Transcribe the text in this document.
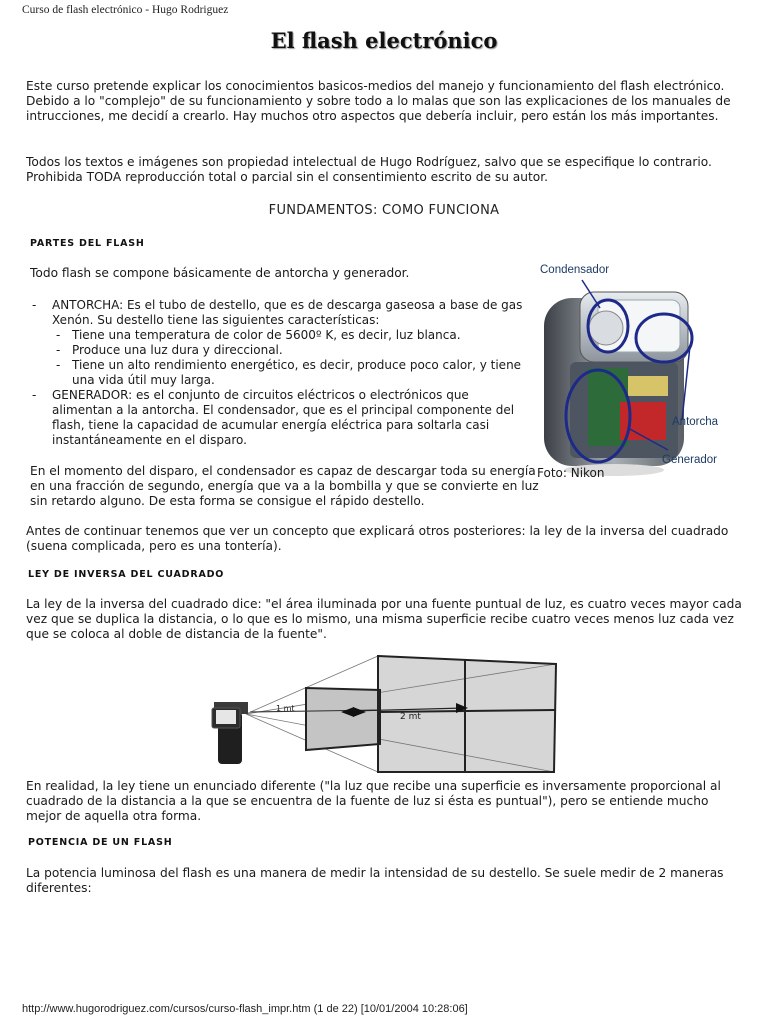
Curso de flash electrónico - Hugo Rodriguez
El flash electrónico

Este curso pretende explicar los conocimientos basicos-medios del manejo y funcionamiento del flash electrónico. Debido a lo "complejo" de su funcionamiento y sobre todo a lo malas que son las explicaciones de los manuales de intrucciones, me decidí a crearlo. Hay muchos otro aspectos que debería incluir, pero están los más importantes.

Todos los textos e imágenes son propiedad intelectual de Hugo Rodríguez, salvo que se especifique lo contrario. Prohibida TODA reproducción total o parcial sin el consentimiento escrito de su autor.

FUNDAMENTOS: COMO FUNCIONA
PARTES DEL FLASH

Todo flash se compone básicamente de antorcha y generador.

- ANTORCHA: Es el tubo de destello, que es de descarga gaseosa a base de gas Xenón. Su destello tiene las siguientes características:
- Tiene una temperatura de color de 5600º K, es decir, luz blanca.
- Produce una luz dura y direccional.
- Tiene un alto rendimiento energético, es decir, produce poco calor, y tiene una vida útil muy larga.
- GENERADOR: es el conjunto de circuitos eléctricos o electrónicos que alimentan a la antorcha. El condensador, que es el principal componente del flash, tiene la capacidad de acumular energía eléctrica para soltarla casi instantáneamente en el disparo.

En el momento del disparo, el condensador es capaz de descargar toda su energía en una fracción de segundo, energía que va a la bombilla y que se convierte en luz sin retardo alguno. De esta forma se consigue el rápido destello.

Condensador
Antorcha
Generador
Foto: Nikon

Antes de continuar tenemos que ver un concepto que explicará otros posteriores: la ley de la inversa del cuadrado (suena complicada, pero es una tontería).

LEY DE INVERSA DEL CUADRADO

La ley de la inversa del cuadrado dice: "el área iluminada por una fuente puntual de luz, es cuatro veces mayor cada vez que se duplica la distancia, o lo que es lo mismo, una misma superficie recibe cuatro veces menos luz cada vez que se coloca al doble de distancia de la fuente".

1 mt
2 mt

En realidad, la ley tiene un enunciado diferente ("la luz que recibe una superficie es inversamente proporcional al cuadrado de la distancia a la que se encuentra de la fuente de luz si ésta es puntual"), pero se entiende mucho mejor de aquella otra forma.

POTENCIA DE UN FLASH

La potencia luminosa del flash es una manera de medir la intensidad de su destello. Se suele medir de 2 maneras diferentes:

http://www.hugorodriguez.com/cursos/curso-flash_impr.htm (1 de 22) [10/01/2004 10:28:06]
